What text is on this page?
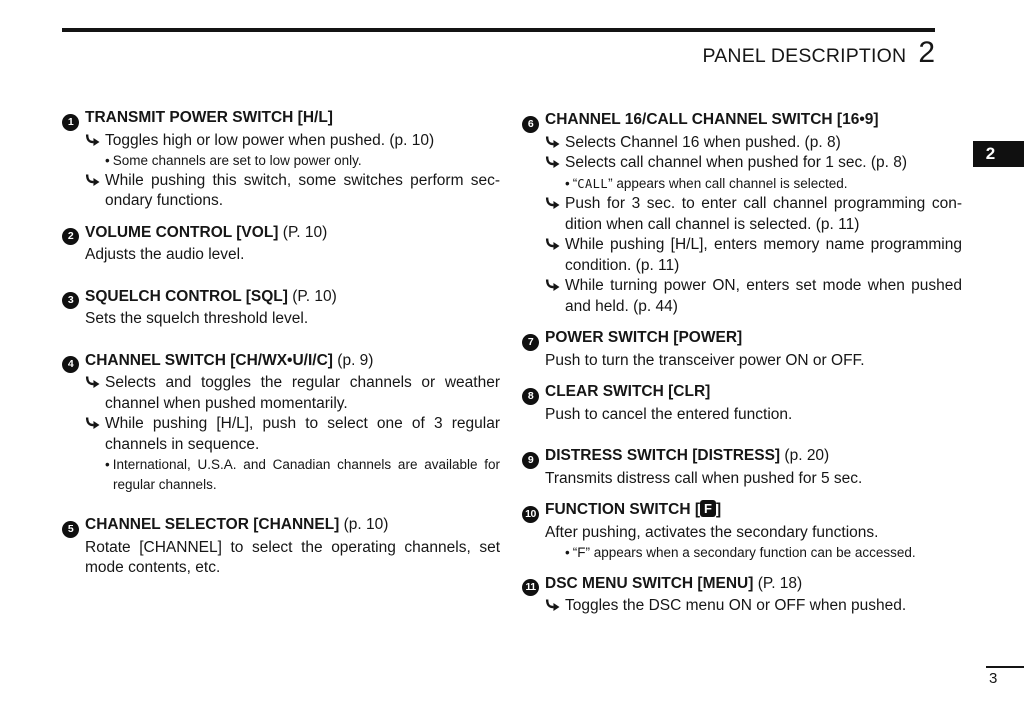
PANEL DESCRIPTION 2
2
1 TRANSMIT POWER SWITCH [H/L]
Toggles high or low power when pushed. (p. 10)
• Some channels are set to low power only.
While pushing this switch, some switches perform secondary functions.
2 VOLUME CONTROL [VOL] (P. 10)
Adjusts the audio level.
3 SQUELCH CONTROL [SQL] (P. 10)
Sets the squelch threshold level.
4 CHANNEL SWITCH [CH/WX•U/I/C] (p. 9)
Selects and toggles the regular channels or weather channel when pushed momentarily.
While pushing [H/L], push to select one of 3 regular channels in sequence.
• International, U.S.A. and Canadian channels are available for regular channels.
5 CHANNEL SELECTOR [CHANNEL] (p. 10)
Rotate [CHANNEL] to select the operating channels, set mode contents, etc.
6 CHANNEL 16/CALL CHANNEL SWITCH [16•9]
Selects Channel 16 when pushed. (p. 8)
Selects call channel when pushed for 1 sec. (p. 8)
• “CALL” appears when call channel is selected.
Push for 3 sec. to enter call channel programming condition when call channel is selected. (p. 11)
While pushing [H/L], enters memory name programming condition. (p. 11)
While turning power ON, enters set mode when pushed and held. (p. 44)
7 POWER SWITCH [POWER]
Push to turn the transceiver power ON or OFF.
8 CLEAR SWITCH [CLR]
Push to cancel the entered function.
9 DISTRESS SWITCH [DISTRESS] (p. 20)
Transmits distress call when pushed for 5 sec.
10 FUNCTION SWITCH [ F ]
After pushing, activates the secondary functions.
• “F” appears when a secondary function can be accessed.
11 DSC MENU SWITCH [MENU] (P. 18)
Toggles the DSC menu ON or OFF when pushed.
3
